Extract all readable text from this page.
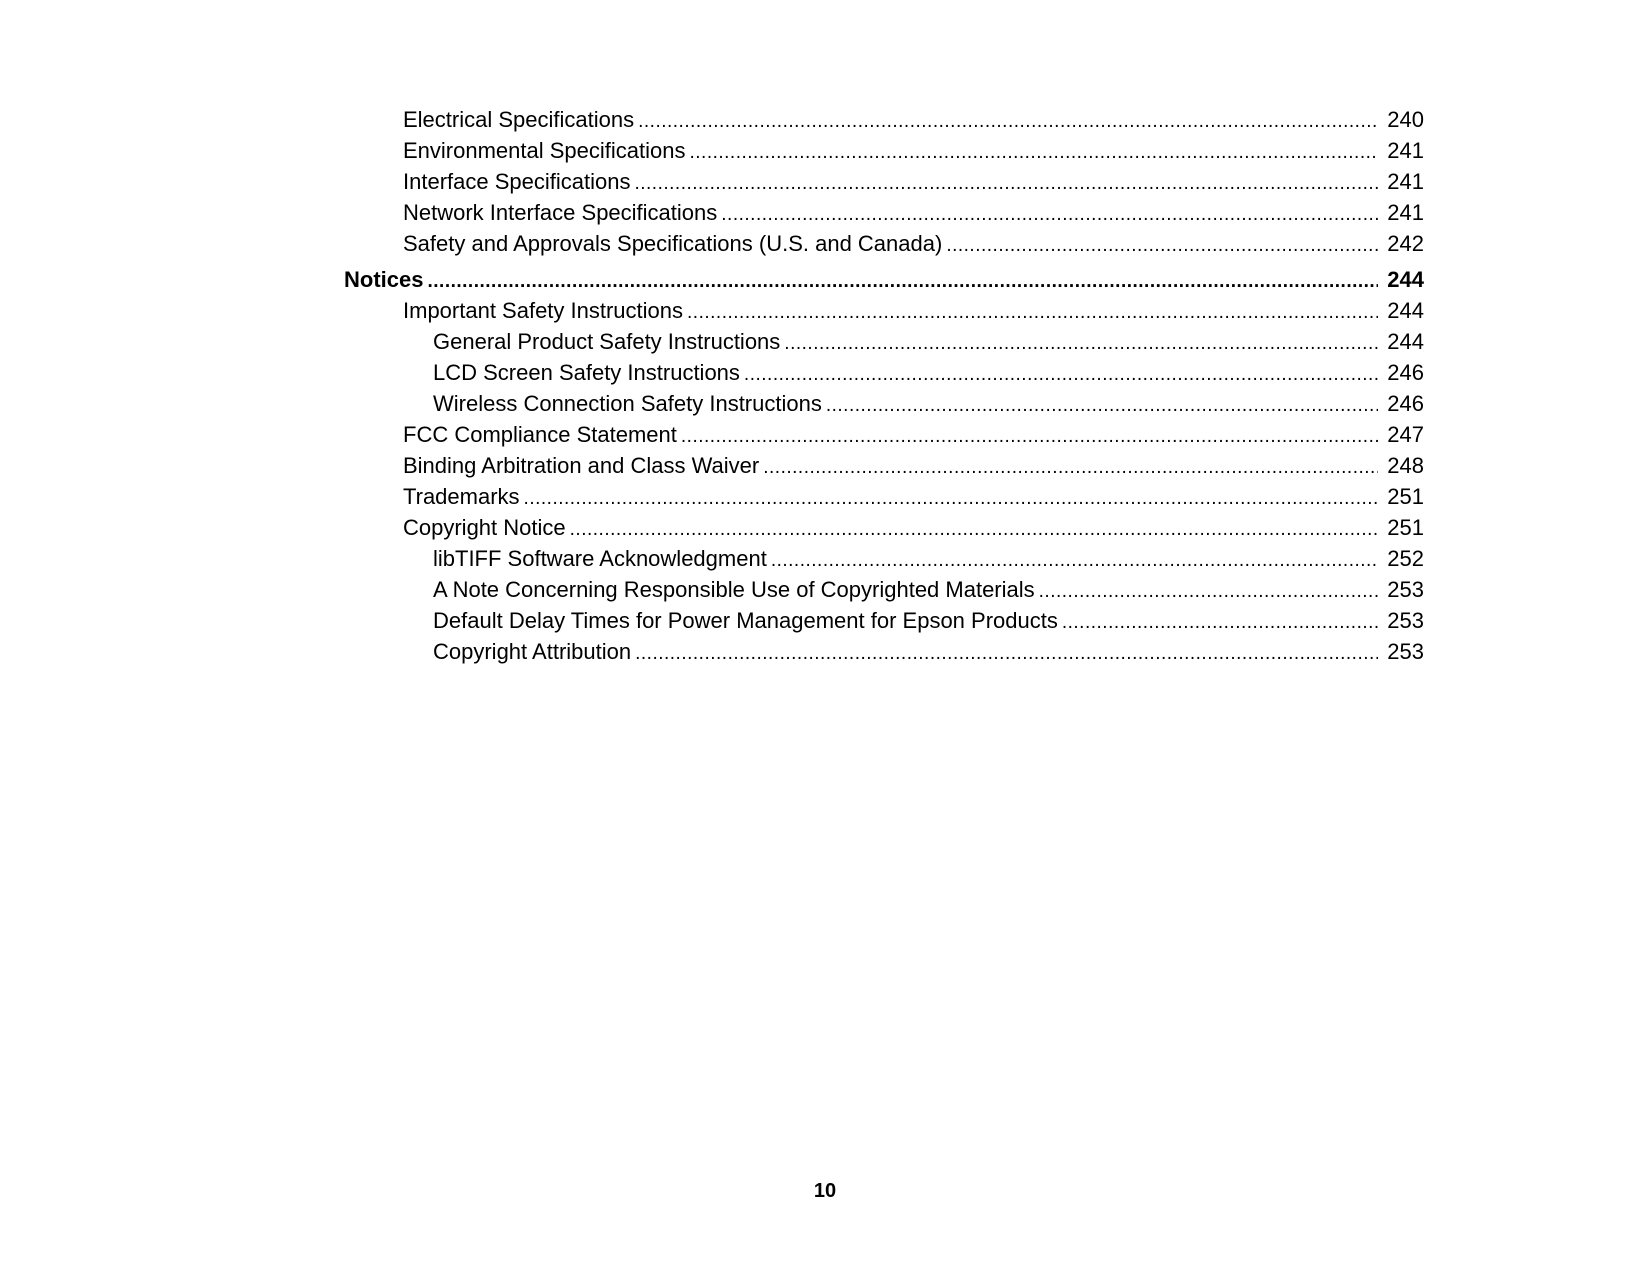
Electrical Specifications .....	240
Environmental Specifications .....	241
Interface Specifications .....	241
Network Interface Specifications .....	241
Safety and Approvals Specifications (U.S. and Canada) .....	242
Notices .....	244
Important Safety Instructions .....	244
General Product Safety Instructions .....	244
LCD Screen Safety Instructions .....	246
Wireless Connection Safety Instructions .....	246
FCC Compliance Statement .....	247
Binding Arbitration and Class Waiver .....	248
Trademarks .....	251
Copyright Notice .....	251
libTIFF Software Acknowledgment .....	252
A Note Concerning Responsible Use of Copyrighted Materials .....	253
Default Delay Times for Power Management for Epson Products .....	253
Copyright Attribution .....	253
10
